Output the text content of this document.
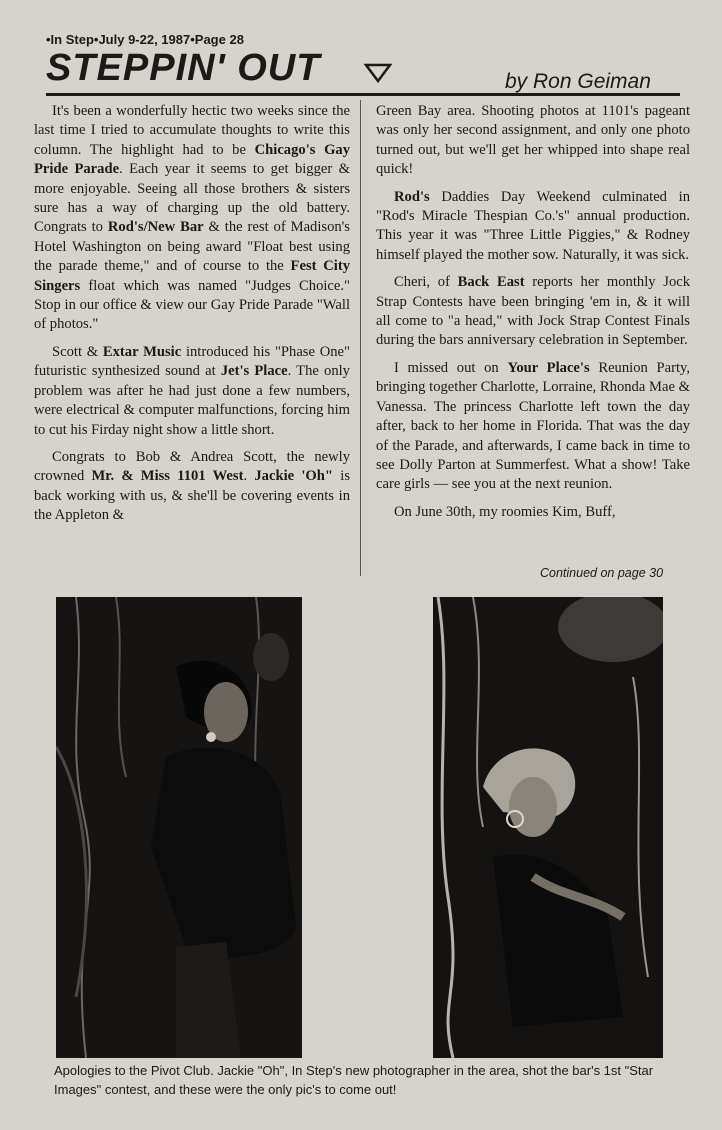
•In Step•July 9-22, 1987•Page 28
STEPPIN' OUT	by Ron Geiman

It's been a wonderfully hectic two weeks since the last time I tried to accumulate thoughts to write this column. The highlight had to be Chicago's Gay Pride Parade. Each year it seems to get bigger & more enjoyable. Seeing all those brothers & sisters sure has a way of charging up the old battery. Congrats to Rod's/New Bar & the rest of Madison's Hotel Washington on being award "Float best using the parade theme," and of course to the Fest City Singers float which was named "Judges Choice." Stop in our office & view our Gay Pride Parade "Wall of photos."

Scott & Extar Music introduced his "Phase One" futuristic synthesized sound at Jet's Place. The only problem was after he had just done a few numbers, were electrical & computer malfunctions, forcing him to cut his Firday night show a little short.

Congrats to Bob & Andrea Scott, the newly crowned Mr. & Miss 1101 West. Jackie 'Oh" is back working with us, & she'll be covering events in the Appleton &

Green Bay area. Shooting photos at 1101's pageant was only her second assignment, and only one photo turned out, but we'll get her whipped into shape real quick!

Rod's Daddies Day Weekend culminated in "Rod's Miracle Thespian Co.'s" annual production. This year it was "Three Little Piggies," & Rodney himself played the mother sow. Naturally, it was sick.

Cheri, of Back East reports her monthly Jock Strap Contests have been bringing 'em in, & it will all come to "a head," with Jock Strap Contest Finals during the bars anniversary celebration in September.

I missed out on Your Place's Reunion Party, bringing together Charlotte, Lorraine, Rhonda Mae & Vanessa. The princess Charlotte left town the day after, back to her home in Florida. That was the day of the Parade, and afterwards, I came back in time to see Dolly Parton at Summerfest. What a show! Take care girls — see you at the next reunion.

On June 30th, my roomies Kim, Buff,

Continued on page 30
Apologies to the Pivot Club. Jackie "Oh", In Step's new photographer in the area, shot the bar's 1st "Star Images" contest, and these were the only pic's to come out!
